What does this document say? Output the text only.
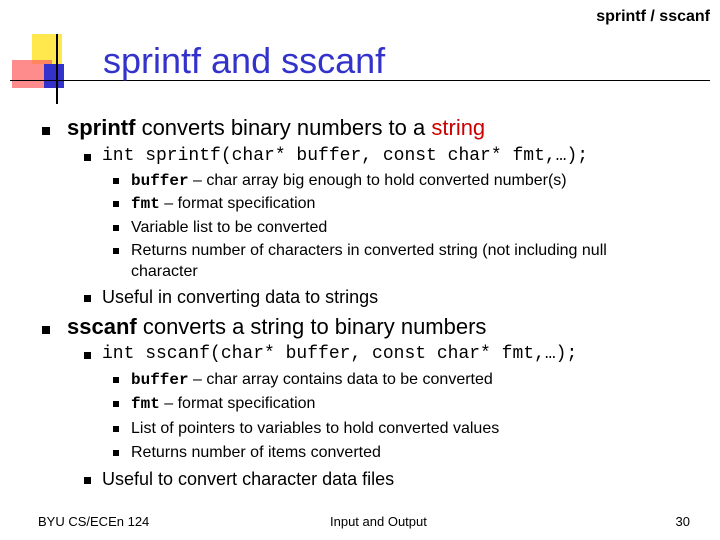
sprintf / sscanf
sprintf and sscanf
sprintf converts binary numbers to a string
int sprintf(char* buffer, const char* fmt,…);
buffer – char array big enough to hold converted number(s)
fmt – format specification
Variable list to be converted
Returns number of characters in converted string (not including null
character
Useful in converting data to strings
sscanf converts a string to binary numbers
int sscanf(char* buffer, const char* fmt,…);
buffer – char array contains data to be converted
fmt – format specification
List of pointers to variables to hold converted values
Returns number of items converted
Useful to convert character data files
BYU CS/ECEn 124	Input and Output	30
